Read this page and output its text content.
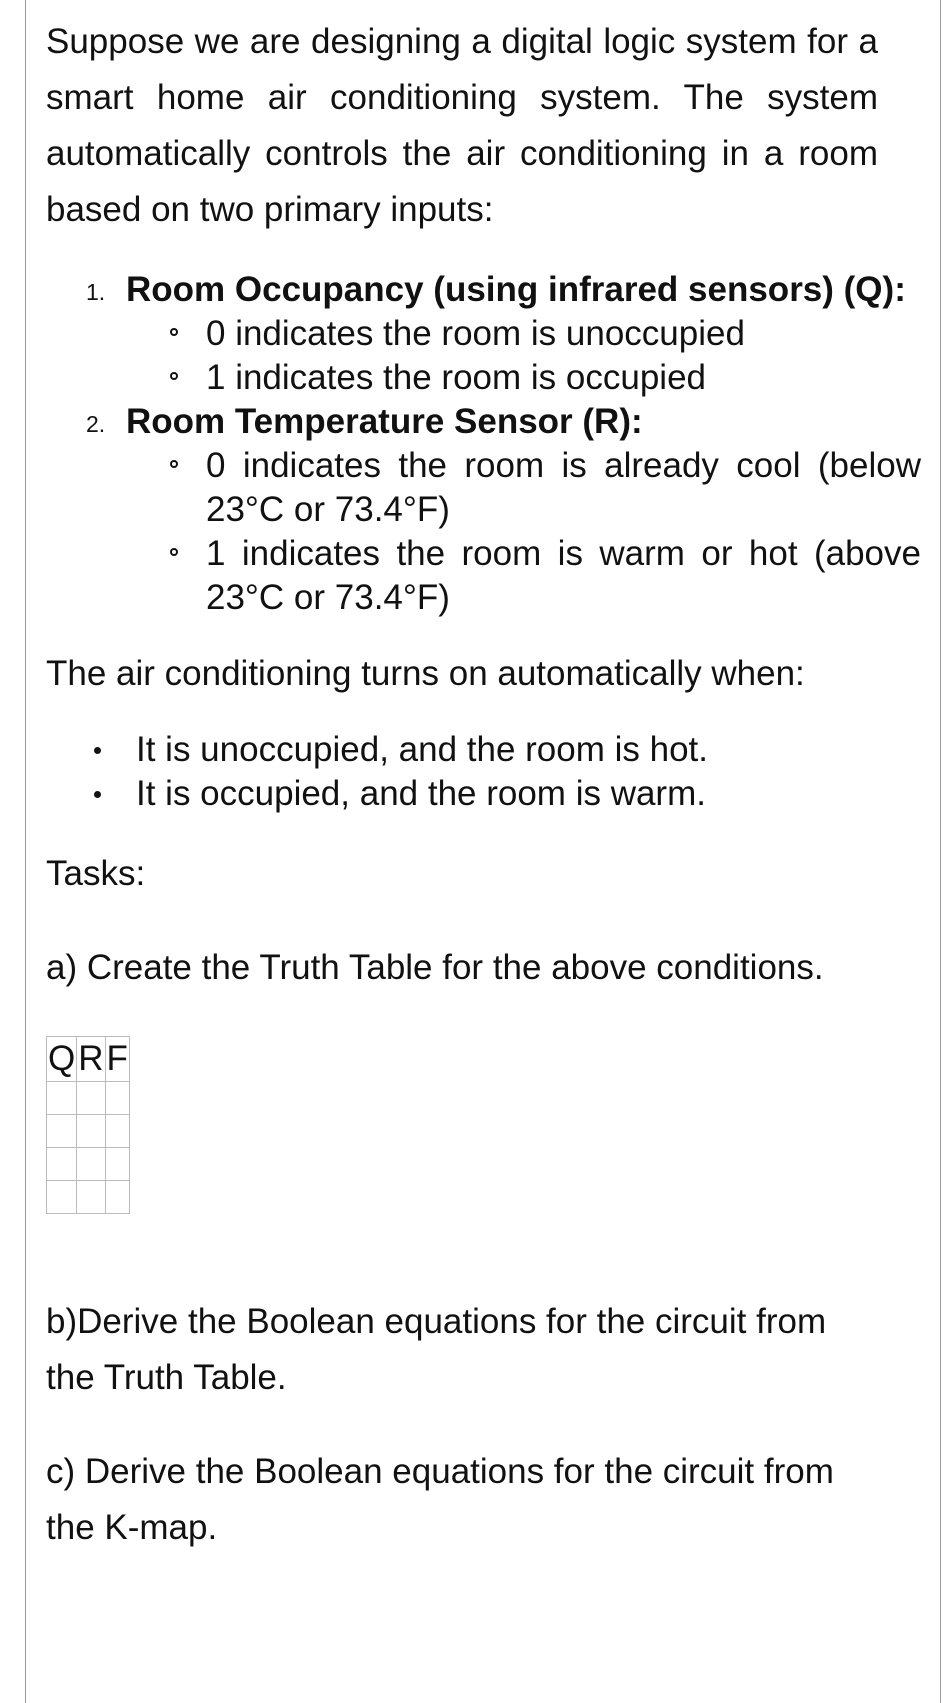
Suppose we are designing a digital logic system for a smart home air conditioning system. The system automatically controls the air conditioning in a room based on two primary inputs:

1. Room Occupancy (using infrared sensors) (Q):
0 indicates the room is unoccupied
1 indicates the room is occupied
2. Room Temperature Sensor (R):
0 indicates the room is already cool (below 23°C or 73.4°F)
1 indicates the room is warm or hot (above 23°C or 73.4°F)

The air conditioning turns on automatically when:

It is unoccupied, and the room is hot.
It is occupied, and the room is warm.

Tasks:

a) Create the Truth Table for the above conditions.

Q	R	F

b)Derive the Boolean equations for the circuit from the Truth Table.

c) Derive the Boolean equations for the circuit from the K-map.
